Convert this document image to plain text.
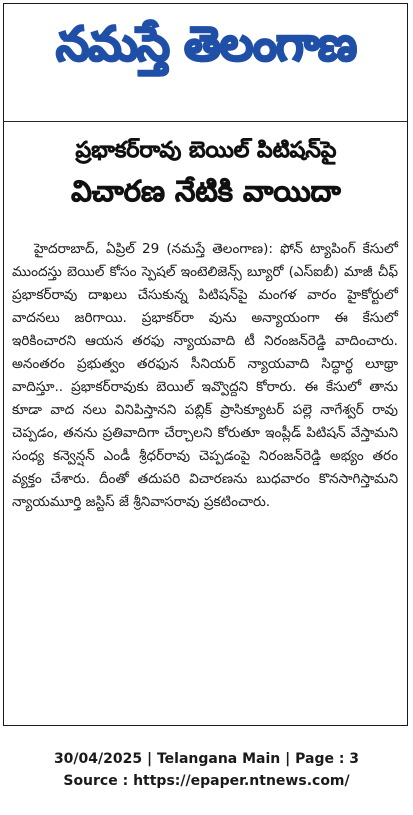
నమస్తే తెలంగాణ
ప్రభాకర్‌రావు బెయిల్‌ పిటిషన్‌పై
విచారణ నేటికి వాయిదా

హైదరాబాద్‌, ఏప్రిల్‌ 29 (నమస్తే తెలంగాణ): ఫోన్‌ ట్యాపింగ్‌ కేసులో ముందస్తు బెయిల్‌ కోసం స్పెషల్‌ ఇంటెలిజెన్స్‌ బ్యూరో (ఎస్‌ఐబీ) మాజీ చీఫ్‌ ప్రభాకర్‌రావు దాఖలు చేసుకున్న పిటిషన్‌పై మంగళ వారం హైకోర్టులో వాదనలు జరిగాయి. ప్రభాకర్‌రా వును అన్యాయంగా ఈ కేసులో ఇరికించారని ఆయన తరఫు న్యాయవాది టీ నిరంజన్‌రెడ్డి వాదించారు. అనంతరం ప్రభుత్వం తరఫున సీనియర్‌ న్యాయవాది సిద్ధార్థ లూథ్రా వాదిస్తూ.. ప్రభాకర్‌రావుకు బెయిల్‌ ఇవ్వొద్దని కోరారు. ఈ కేసులో తాను కూడా వాద నలు వినిపిస్తానని పబ్లిక్‌ ప్రాసిక్యూటర్‌ పల్లె నాగేశ్వర్‌ రావు చెప్పడం, తనను ప్రతివాదిగా చేర్చాలని కోరుతూ ఇంప్లీడ్‌ పిటిషన్‌ వేస్తామని సంధ్య కన్వెన్షన్‌ ఎండీ శ్రీధర్‌రావు చెప్పడంపై నిరంజన్‌రెడ్డి అభ్యం తరం వ్యక్తం చేశారు. దీంతో తదుపరి విచారణను బుధవారం కొనసాగిస్తామని న్యాయమూర్తి జస్టిస్‌ జే శ్రీనివాసరావు ప్రకటించారు.

30/04/2025 | Telangana Main | Page : 3
Source : https://epaper.ntnews.com/
